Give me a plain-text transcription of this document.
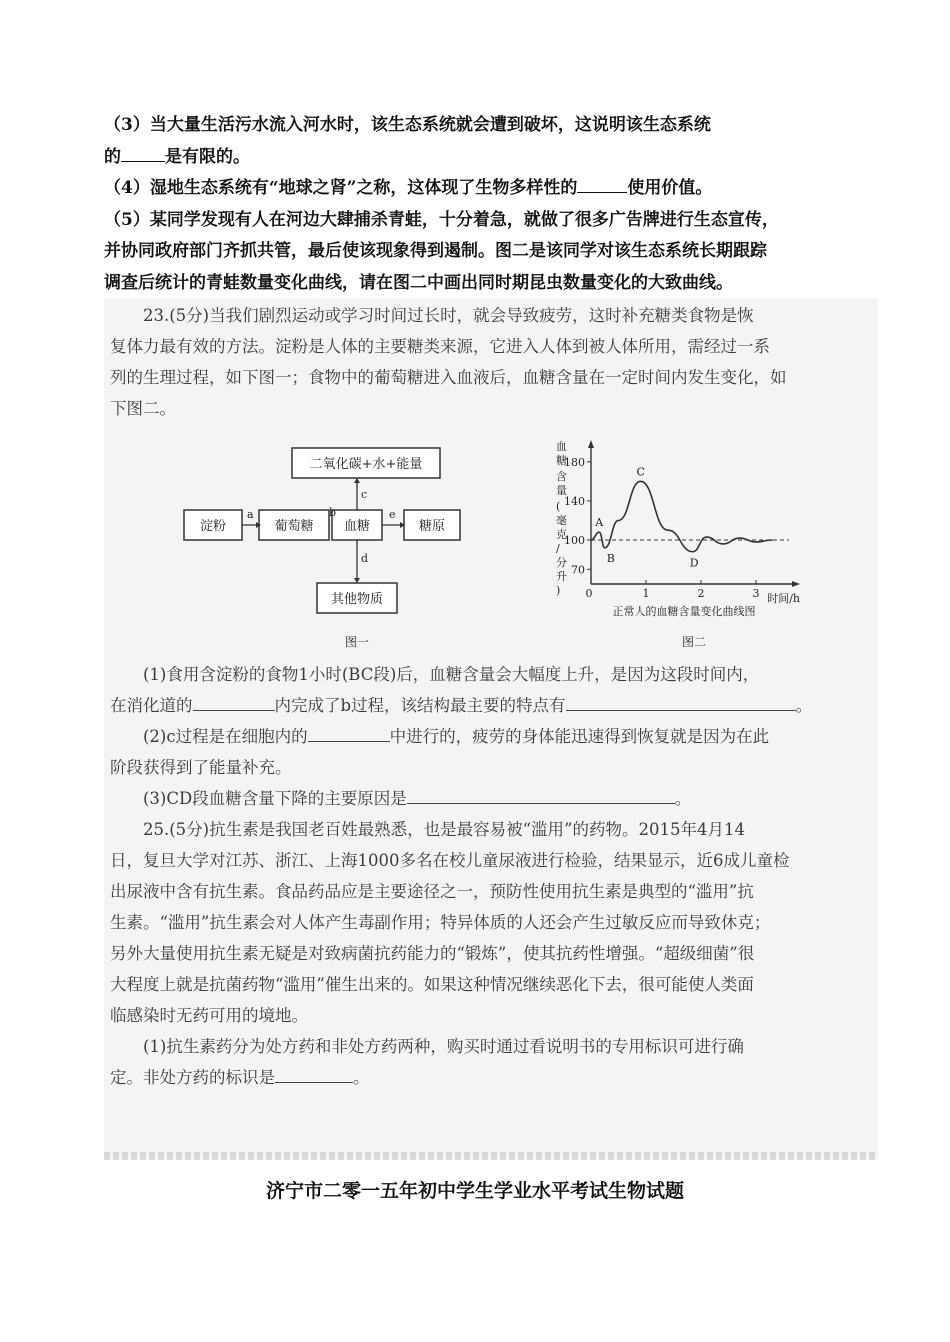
（3）当大量生活污水流入河水时，该生态系统就会遭到破坏，这说明该生态系统

的	是有限的。

（4）湿地生态系统有“地球之肾”之称，这体现了生物多样性的	使用价值。

（5）某同学发现有人在河边大肆捕杀青蛙，十分着急，就做了很多广告牌进行生态宣传，

并协同政府部门齐抓共管，最后使该现象得到遏制。图二是该同学对该生态系统长期跟踪

调查后统计的青蛙数量变化曲线，请在图二中画出同时期昆虫数量变化的大致曲线。

23.(5分)当我们剧烈运动或学习时间过长时，就会导致疲劳，这时补充糖类食物是恢

复体力最有效的方法。淀粉是人体的主要糖类来源，它进入人体到被人体所用，需经过一系

列的生理过程，如下图一；食物中的葡萄糖进入血液后，血糖含量在一定时间内发生变化，如

下图二。

二氧化碳+水+能量
淀粉	葡萄糖 血糖	糖原
其他物质
a	b
c
e
d
图一
血
糖
含
量
(
毫
克
/
分
升
)
180
140
100
70
0	1	2	3
A
B
C
D
时间/h
正常人的血糖含量变化曲线图
图二

(1)食用含淀粉的食物1小时(BC段)后，血糖含量会大幅度上升，是因为这段时间内，

在消化道的	内完成了b过程，该结构最主要的特点有	。

(2)c过程是在细胞内的	中进行的，疲劳的身体能迅速得到恢复就是因为在此

阶段获得到了能量补充。

(3)CD段血糖含量下降的主要原因是	。

25.(5分)抗生素是我国老百姓最熟悉，也是最容易被“滥用”的药物。2015年4月14

日，复旦大学对江苏、浙江、上海1000多名在校儿童尿液进行检验，结果显示，近6成儿童检

出尿液中含有抗生素。食品药品应是主要途径之一，预防性使用抗生素是典型的“滥用”抗

生素。“滥用”抗生素会对人体产生毒副作用；特异体质的人还会产生过敏反应而导致休克；

另外大量使用抗生素无疑是对致病菌抗药能力的“锻炼”，使其抗药性增强。“超级细菌”很

大程度上就是抗菌药物“滥用”催生出来的。如果这种情况继续恶化下去，很可能使人类面

临感染时无药可用的境地。

(1)抗生素药分为处方药和非处方药两种，购买时通过看说明书的专用标识可进行确

定。非处方药的标识是	。

济宁市二零一五年初中学生学业水平考试生物试题
